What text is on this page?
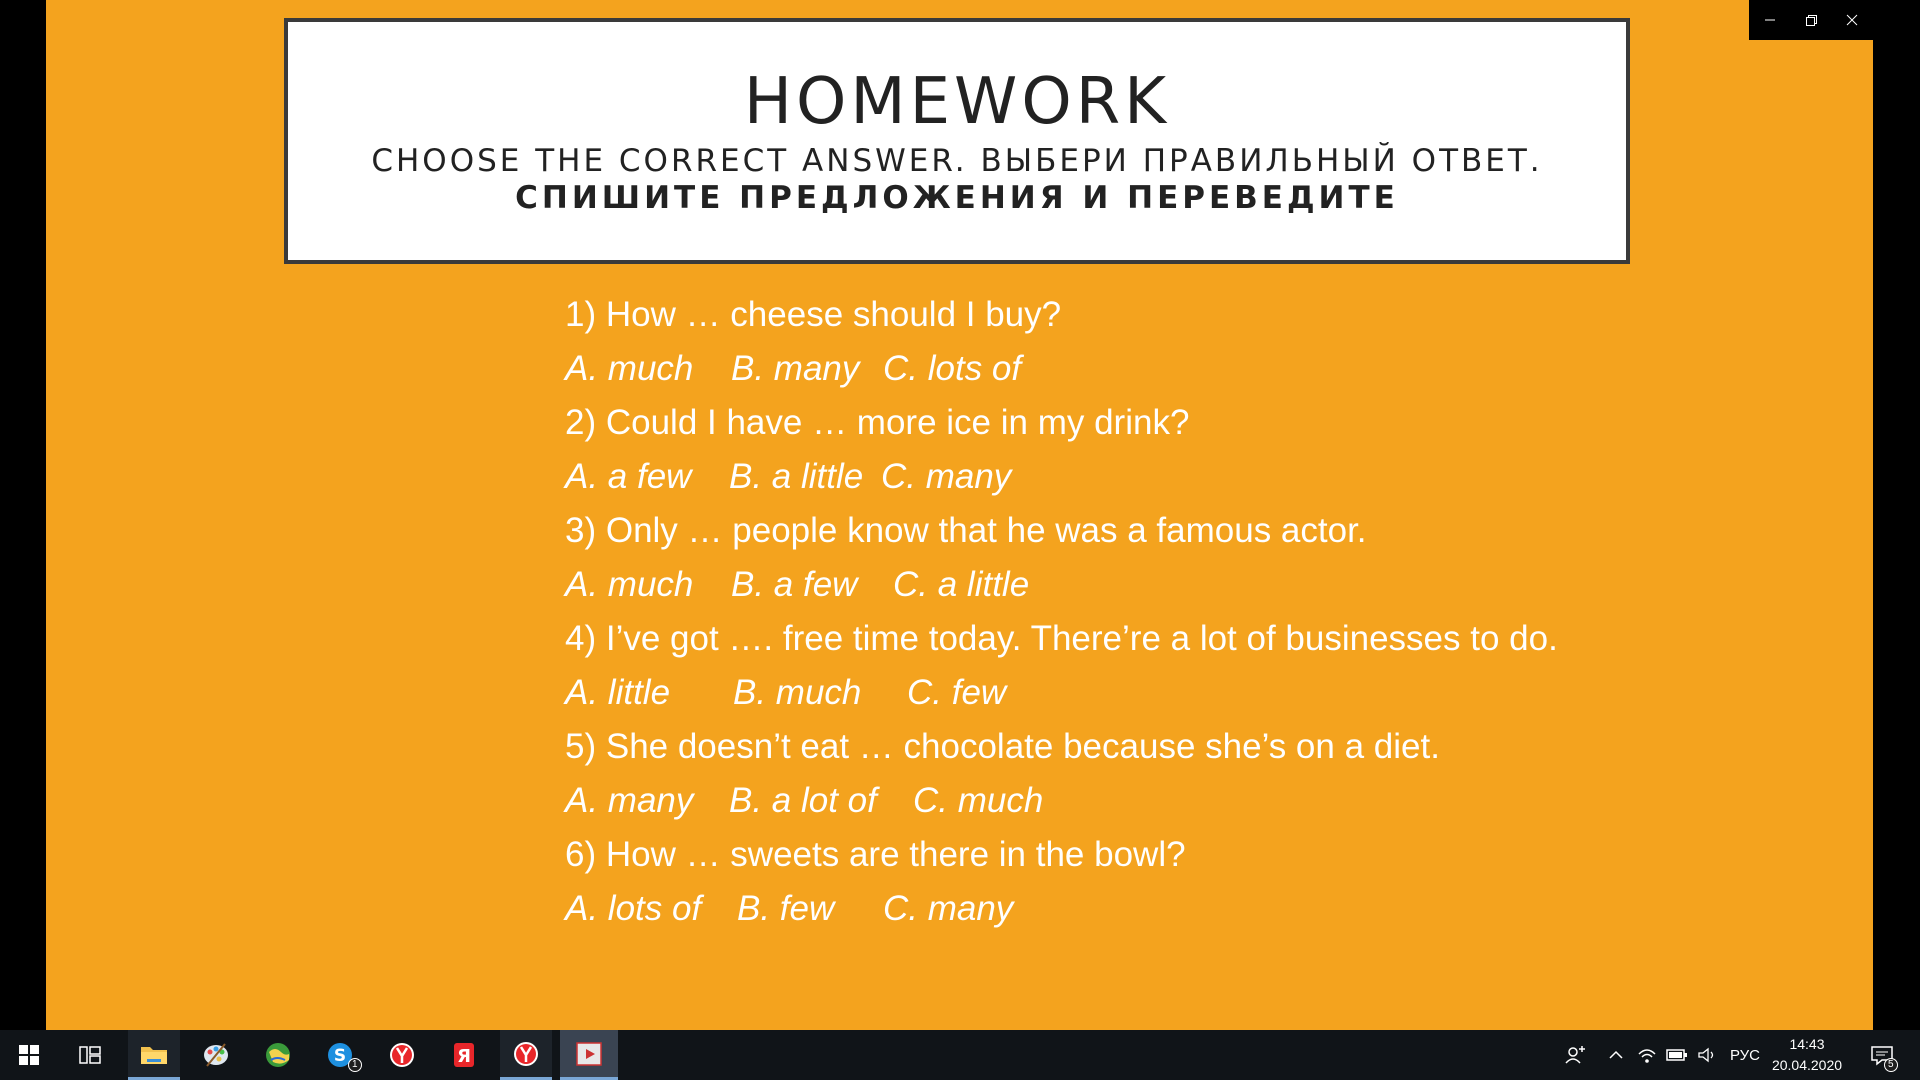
HOMEWORK
CHOOSE THE CORRECT ANSWER. ВЫБЕРИ ПРАВИЛЬНЫЙ ОТВЕТ.
СПИШИТЕ ПРЕДЛОЖЕНИЯ И ПЕРЕВЕДИТЕ
1) How … cheese should I buy?
A. much	B. many C. lots of
2) Could I have … more ice in my drink?
A. a few	B. a little C. many
3) Only … people know that he was a famous actor.
A. much	B. a few	C. a little
4) I’ve got …. free time today. There’re a lot of businesses to do.
A. little	B. much	C. few
5) She doesn’t eat … chocolate because she’s on a diet.
A. many	B. a lot of	C. much
6) How … sweets are there in the bowl?
A. lots of	B. few	C. many
S 1	Я	РУС
14:43
20.04.2020	5
